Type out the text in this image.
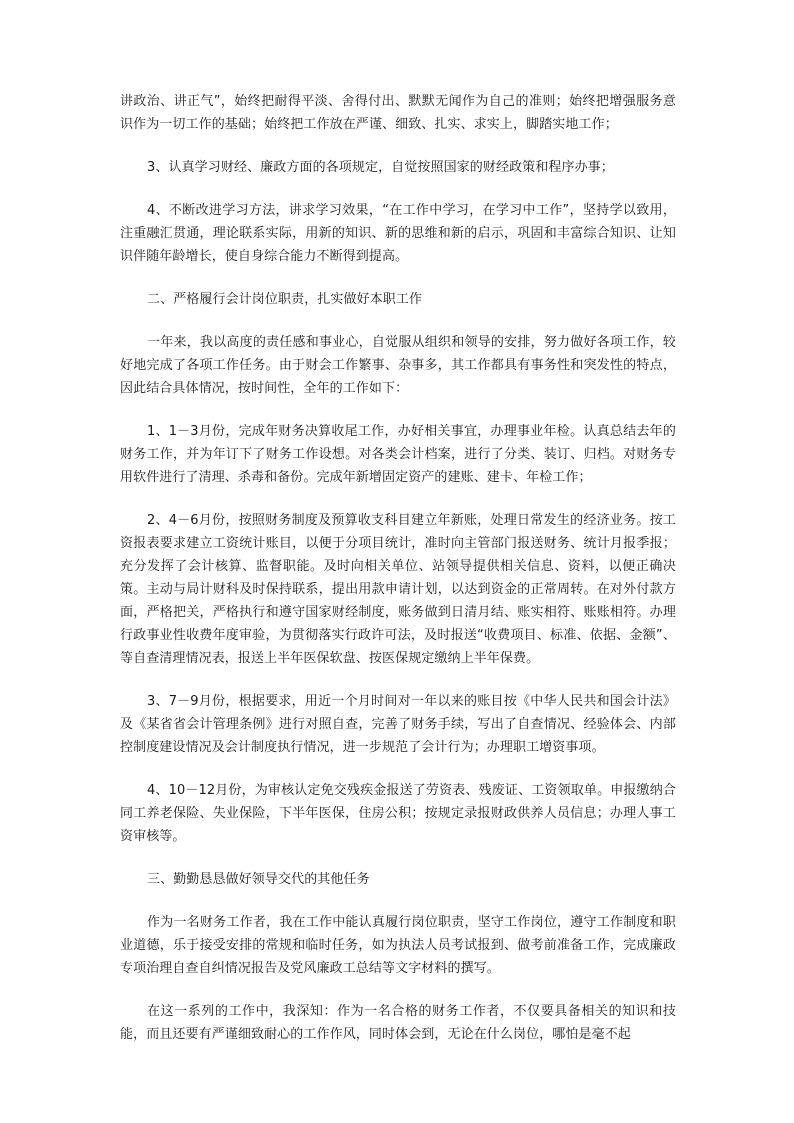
讲政治、讲正气”，始终把耐得平淡、舍得付出、默默无闻作为自己的准则；始终把增强服务意识作为一切工作的基础；始终把工作放在严谨、细致、扎实、求实上，脚踏实地工作；

3、认真学习财经、廉政方面的各项规定，自觉按照国家的财经政策和程序办事；

4、不断改进学习方法，讲求学习效果，“在工作中学习，在学习中工作”，坚持学以致用，注重融汇贯通，理论联系实际，用新的知识、新的思维和新的启示，巩固和丰富综合知识、让知识伴随年龄增长，使自身综合能力不断得到提高。

二、严格履行会计岗位职责，扎实做好本职工作

一年来，我以高度的责任感和事业心，自觉服从组织和领导的安排，努力做好各项工作，较好地完成了各项工作任务。由于财会工作繁事、杂事多，其工作都具有事务性和突发性的特点，因此结合具体情况，按时间性，全年的工作如下：

1、1－3月份，完成年财务决算收尾工作，办好相关事宜，办理事业年检。认真总结去年的财务工作，并为年订下了财务工作设想。对各类会计档案，进行了分类、装订、归档。对财务专用软件进行了清理、杀毒和备份。完成年新增固定资产的建账、建卡、年检工作；

2、4－6月份，按照财务制度及预算收支科目建立年新账，处理日常发生的经济业务。按工资报表要求建立工资统计账目，以便于分项目统计，准时向主管部门报送财务、统计月报季报；充分发挥了会计核算、监督职能。及时向相关单位、站领导提供相关信息、资料，以便正确决策。主动与局计财科及时保持联系，提出用款申请计划，以达到资金的正常周转。在对外付款方面，严格把关，严格执行和遵守国家财经制度，账务做到日清月结、账实相符、账账相符。办理行政事业性收费年度审验，为贯彻落实行政许可法，及时报送“收费项目、标准、依据、金额”、等自查清理情况表，报送上半年医保软盘、按医保规定缴纳上半年保费。

3、7－9月份，根据要求，用近一个月时间对一年以来的账目按《中华人民共和国会计法》及《某省省会计管理条例》进行对照自查，完善了财务手续，写出了自查情况、经验体会、内部控制度建设情况及会计制度执行情况，进一步规范了会计行为；办理职工增资事项。

4、10－12月份，为审核认定免交残疾金报送了劳资表、残废证、工资领取单。申报缴纳合同工养老保险、失业保险，下半年医保，住房公积；按规定录报财政供养人员信息；办理人事工资审核等。

三、勤勤恳恳做好领导交代的其他任务

作为一名财务工作者，我在工作中能认真履行岗位职责，坚守工作岗位，遵守工作制度和职业道德，乐于接受安排的常规和临时任务，如为执法人员考试报到、做考前准备工作，完成廉政专项治理自查自纠情况报告及党风廉政工总结等文字材料的撰写。

在这一系列的工作中，我深知：作为一名合格的财务工作者，不仅要具备相关的知识和技能，而且还要有严谨细致耐心的工作作风，同时体会到，无论在什么岗位，哪怕是毫不起
